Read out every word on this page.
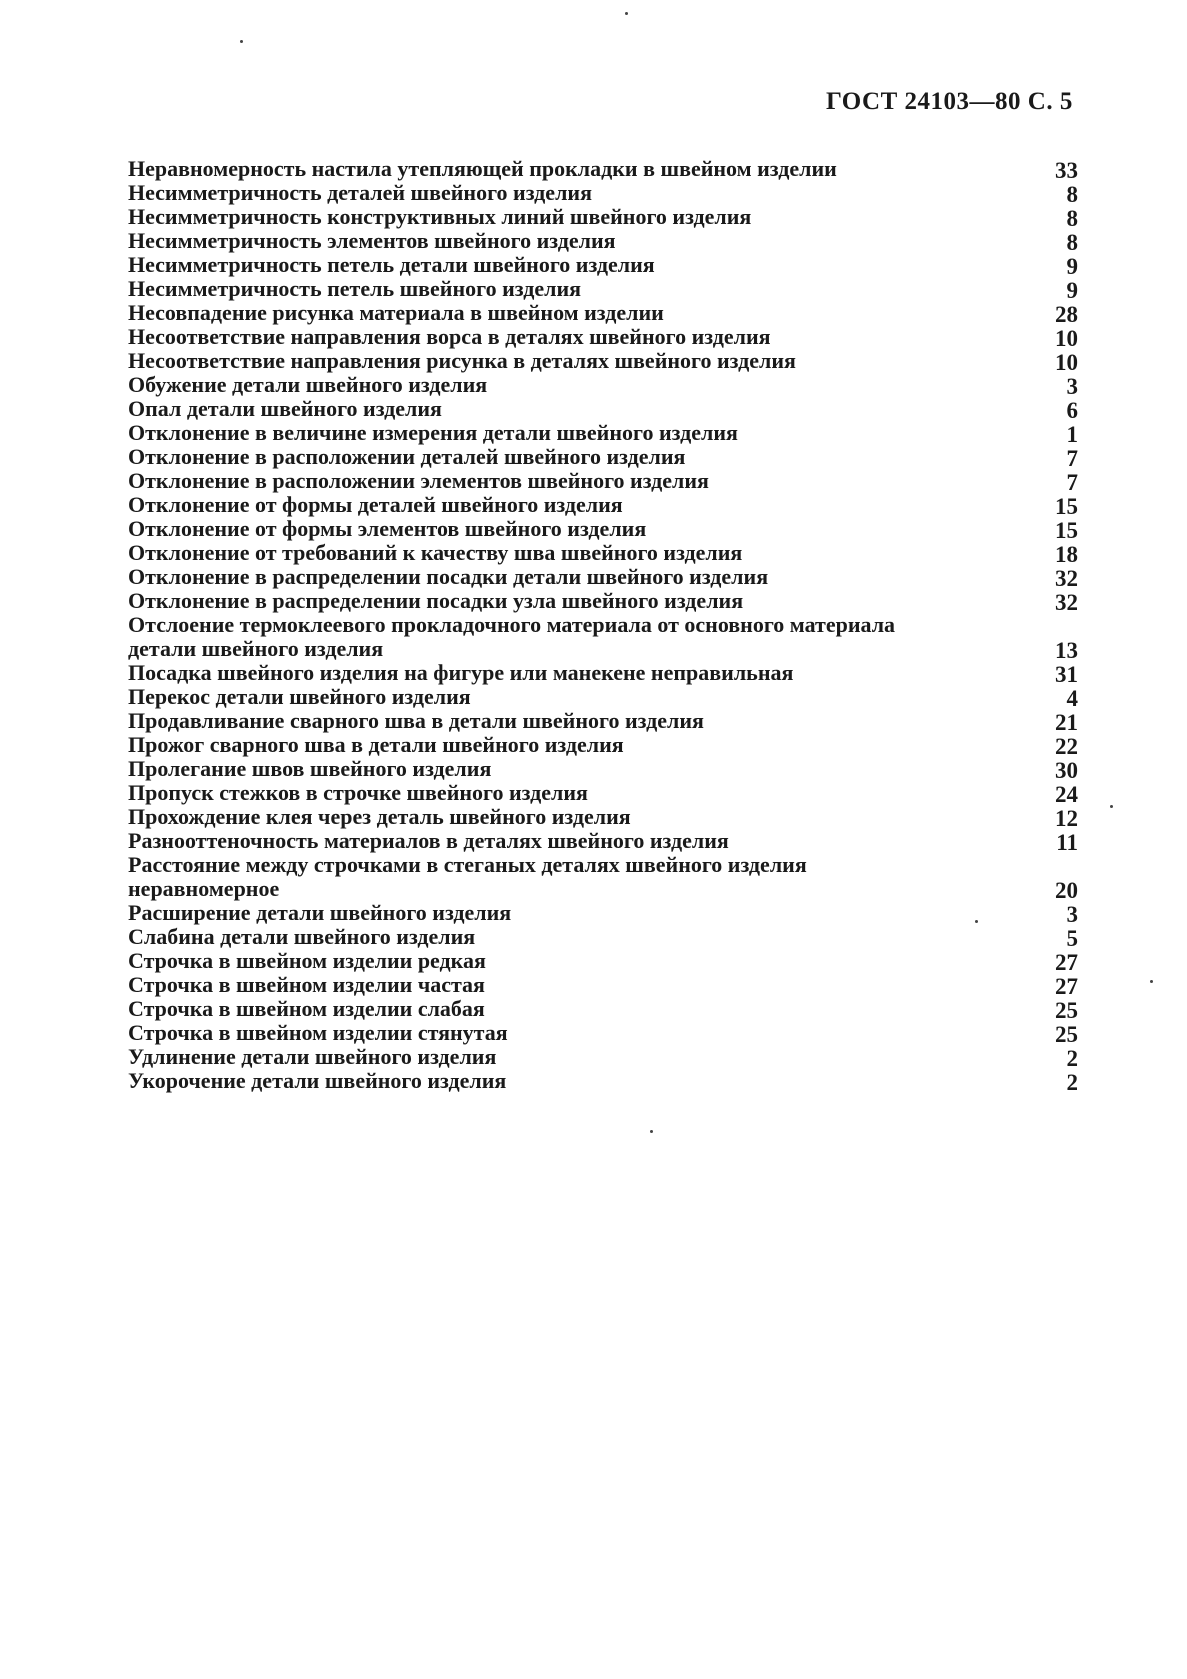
ГОСТ 24103—80 С. 5
Неравномерность настила утепляющей прокладки в швейном изделии	33
Несимметричность деталей швейного изделия	8
Несимметричность конструктивных линий швейного изделия	8
Несимметричность элементов швейного изделия	8
Несимметричность петель детали швейного изделия	9
Несимметричность петель швейного изделия	9
Несовпадение рисунка материала в швейном изделии	28
Несоответствие направления ворса в деталях швейного изделия	10
Несоответствие направления рисунка в деталях швейного изделия	10
Обужение детали швейного изделия	3
Опал детали швейного изделия	6
Отклонение в величине измерения детали швейного изделия	1
Отклонение в расположении деталей швейного изделия	7
Отклонение в расположении элементов швейного изделия	7
Отклонение от формы деталей швейного изделия	15
Отклонение от формы элементов швейного изделия	15
Отклонение от требований к качеству шва швейного изделия	18
Отклонение в распределении посадки детали швейного изделия	32
Отклонение в распределении посадки узла швейного изделия	32
Отслоение термоклеевого прокладочного материала от основного материала детали швейного изделия	13
Посадка швейного изделия на фигуре или манекене неправильная	31
Перекос детали швейного изделия	4
Продавливание сварного шва в детали швейного изделия	21
Прожог сварного шва в детали швейного изделия	22
Пролегание швов швейного изделия	30
Пропуск стежков в строчке швейного изделия	24
Прохождение клея через деталь швейного изделия	12
Разнооттеночность материалов в деталях швейного изделия	11
Расстояние между строчками в стеганых деталях швейного изделия неравномерное	20
Расширение детали швейного изделия	3
Слабина детали швейного изделия	5
Строчка в швейном изделии редкая	27
Строчка в швейном изделии частая	27
Строчка в швейном изделии слабая	25
Строчка в швейном изделии стянутая	25
Удлинение детали швейного изделия	2
Укорочение детали швейного изделия	2
